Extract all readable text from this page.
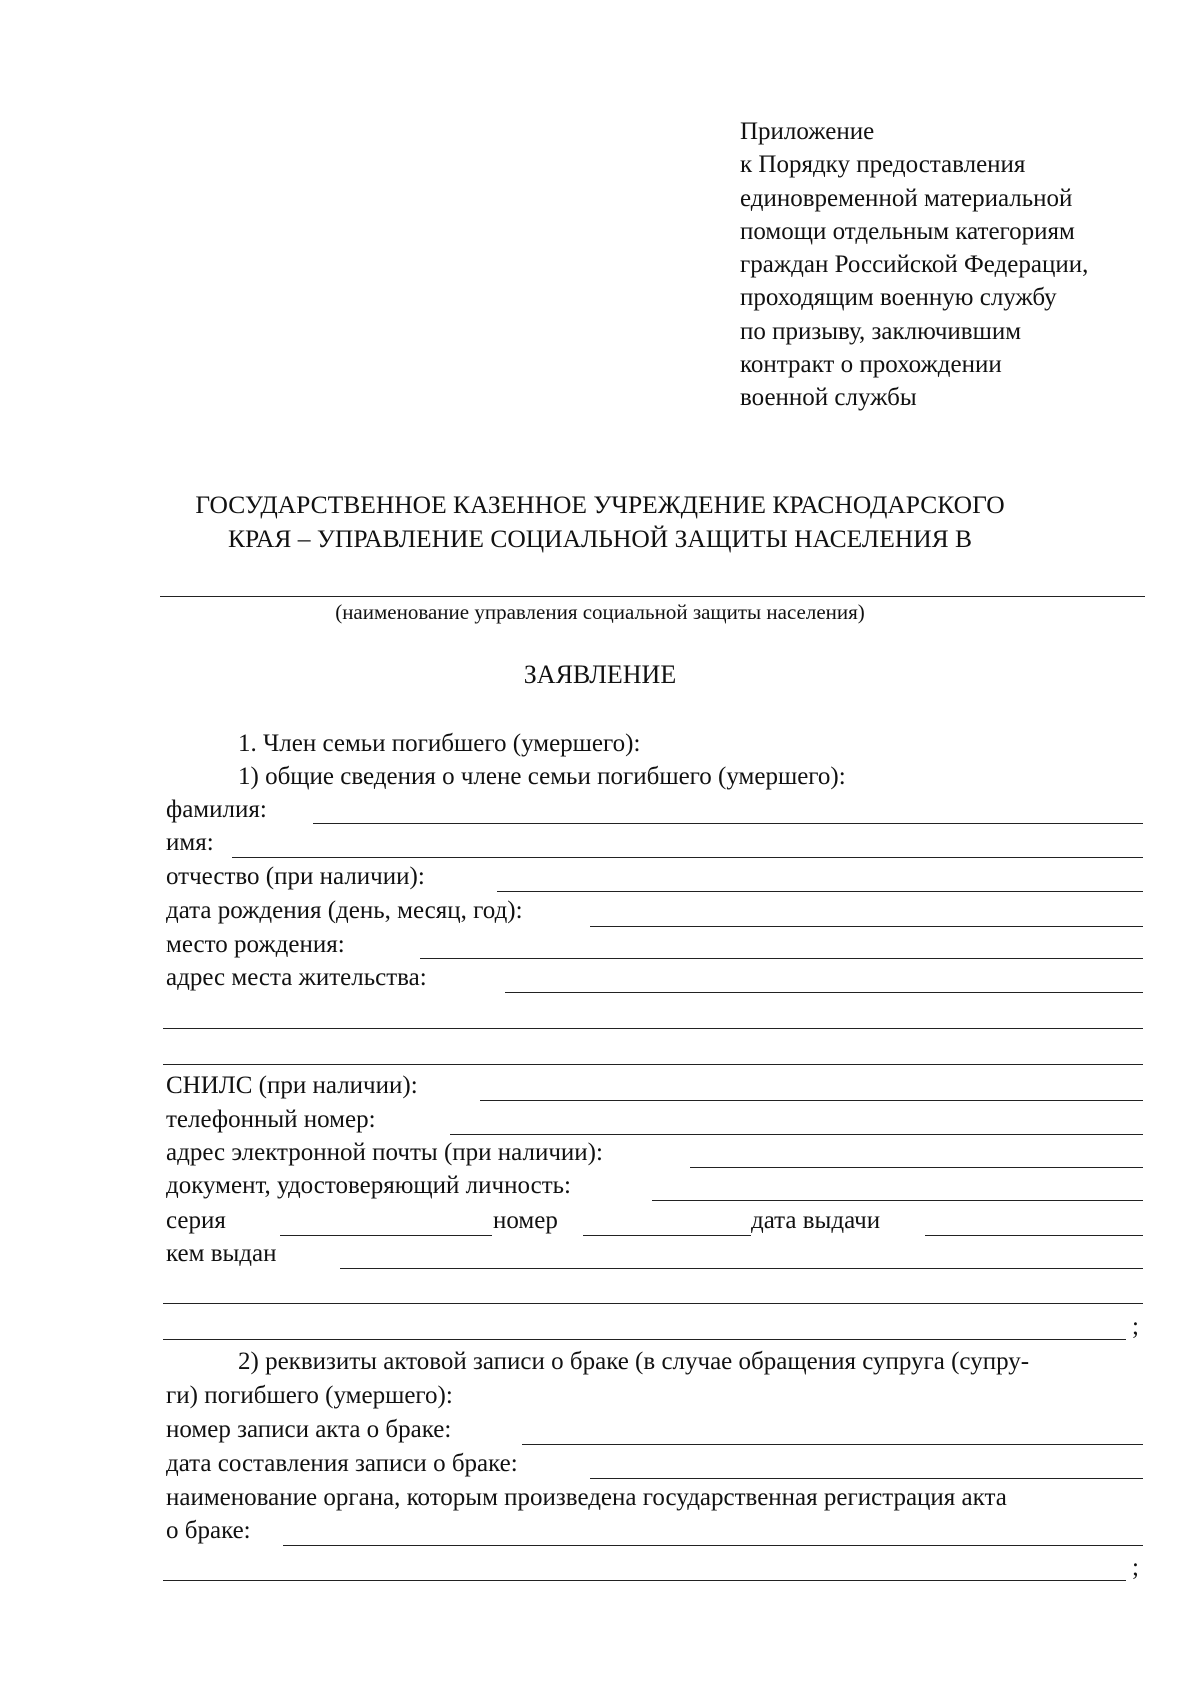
Приложение
к Порядку предоставления
единовременной материальной
помощи отдельным категориям
граждан Российской Федерации,
проходящим военную службу
по призыву, заключившим
контракт о прохождении
военной службы
ГОСУДАРСТВЕННОЕ КАЗЕННОЕ УЧРЕЖДЕНИЕ КРАСНОДАРСКОГО
КРАЯ – УПРАВЛЕНИЕ СОЦИАЛЬНОЙ ЗАЩИТЫ НАСЕЛЕНИЯ В
(наименование управления социальной защиты населения)
ЗАЯВЛЕНИЕ
1. Член семьи погибшего (умершего):
1) общие сведения о члене семьи погибшего (умершего):
фамилия:
имя:
отчество (при наличии):
дата рождения (день, месяц, год):
место рождения:
адрес места жительства:
СНИЛС (при наличии):
телефонный номер:
адрес электронной почты (при наличии):
документ, удостоверяющий личность:
серия	номер	дата выдачи
кем выдан
;
2) реквизиты актовой записи о браке (в случае обращения супруга (супру-
ги) погибшего (умершего):
номер записи акта о браке:
дата составления записи о браке:
наименование органа, которым произведена государственная регистрация акта
о браке:
;
